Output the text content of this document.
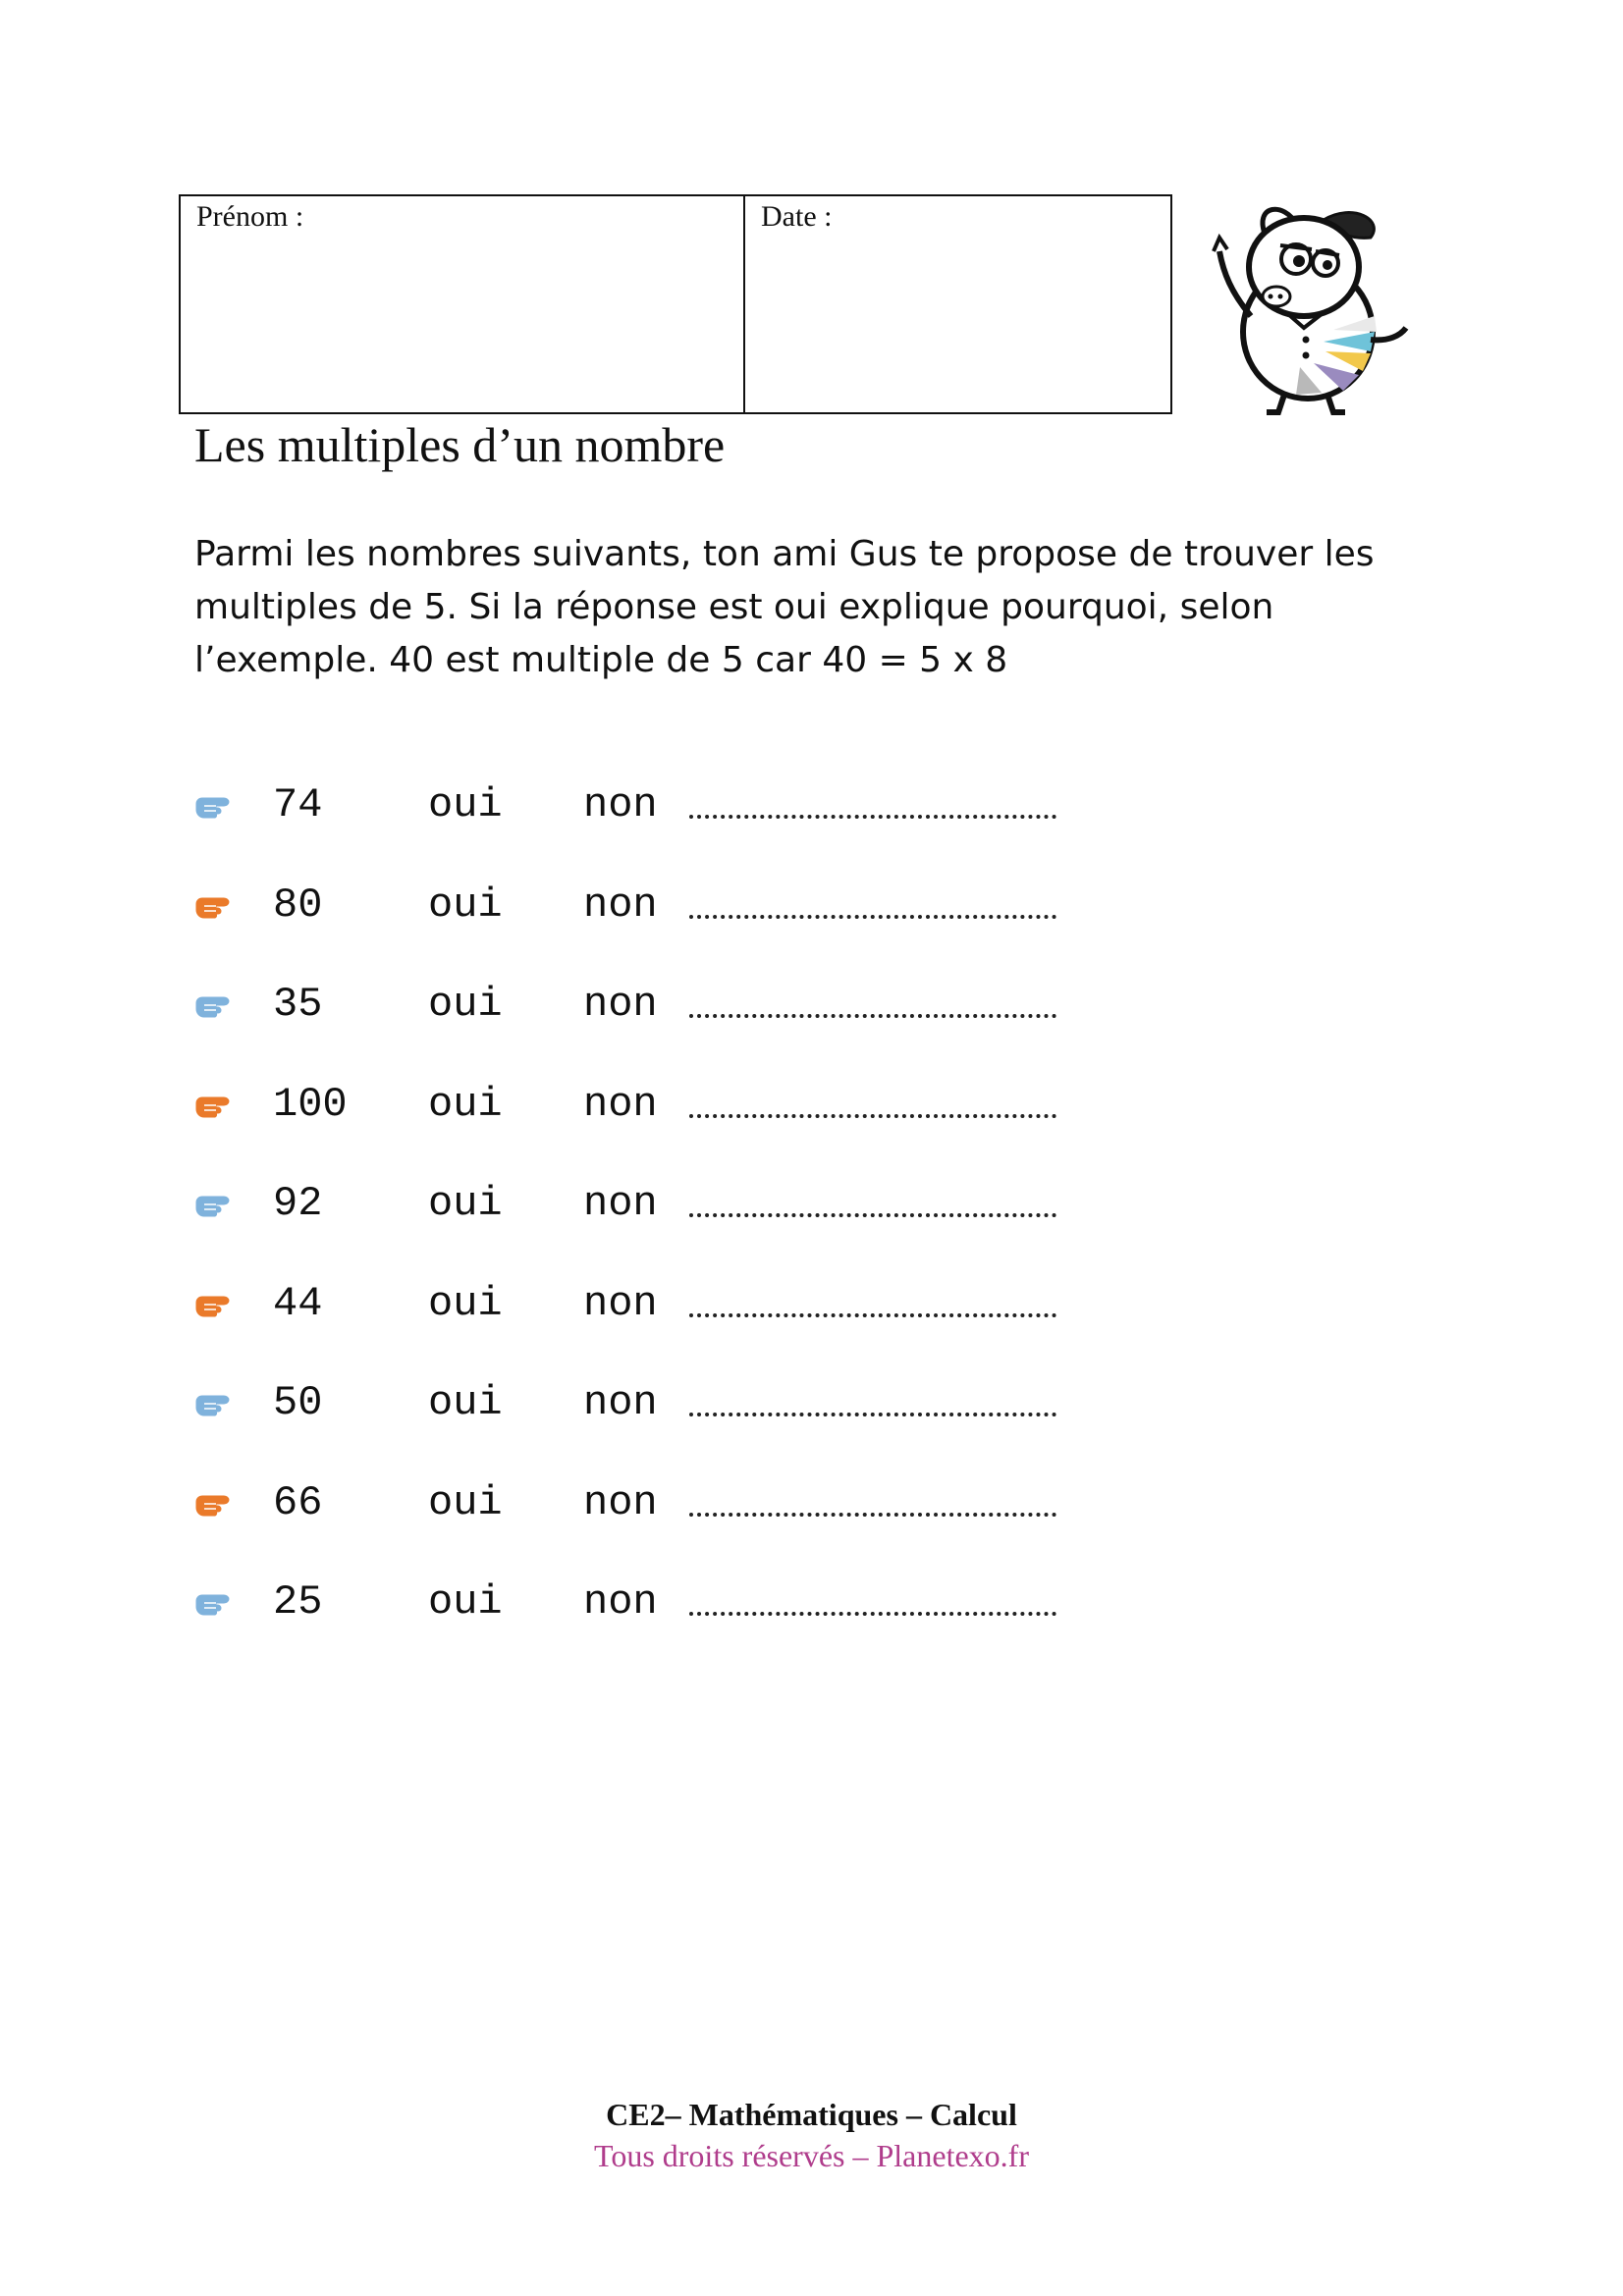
Prénom :	Date :
Les multiples d’un nombre

Parmi les nombres suivants, ton ami Gus te propose de trouver les
multiples de 5. Si la réponse est oui explique pourquoi, selon
l’exemple. 40 est multiple de 5 car 40 = 5 x 8

74	oui non
80	oui non
35	oui non
100 oui non
92	oui non
44	oui non
50	oui non
66	oui non
25	oui non
CE2– Mathématiques – Calcul
Tous droits réservés – Planetexo.fr
